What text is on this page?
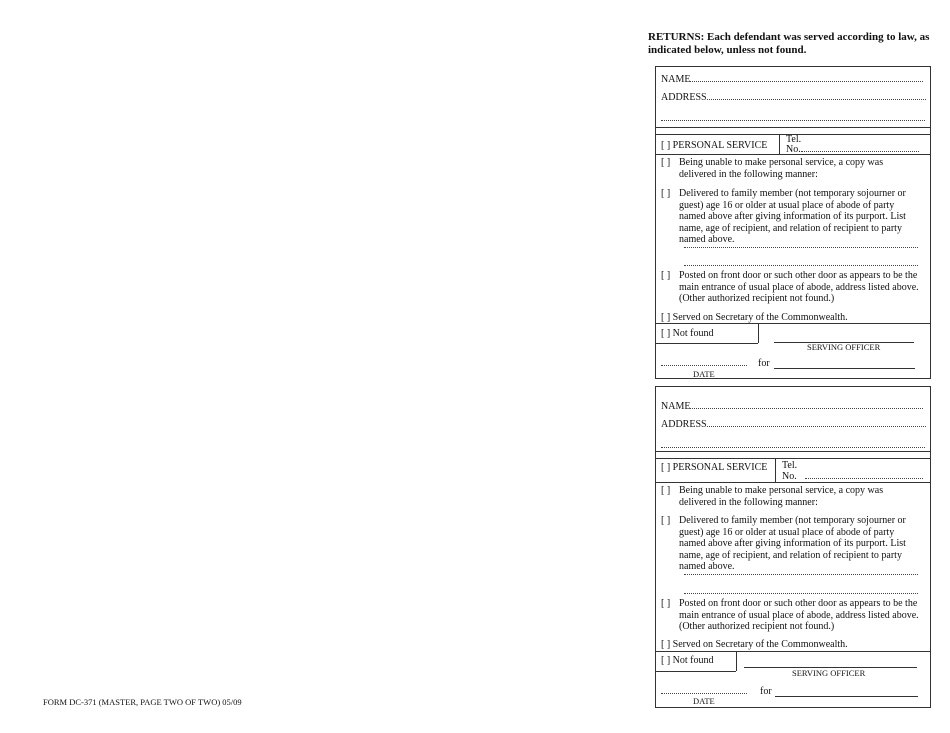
RETURNS: Each defendant was served according to law, as indicated below, unless not found.
NAME
ADDRESS
[ ] PERSONAL SERVICE
Tel.
No.
[ ] Being unable to make personal service, a copy was delivered in the following manner:
[ ] Delivered to family member (not temporary sojourner or guest) age 16 or older at usual place of abode of party named above after giving information of its purport. List name, age of recipient, and relation of recipient to party named above.
[ ] Posted on front door or such other door as appears to be the main entrance of usual place of abode, address listed above. (Other authorized recipient not found.)
[ ] Served on Secretary of the Commonwealth.
[ ] Not found
SERVING OFFICER
for
DATE
NAME
ADDRESS
[ ] PERSONAL SERVICE Tel.
No.
[ ] Being unable to make personal service, a copy was delivered in the following manner:
[ ] Delivered to family member (not temporary sojourner or guest) age 16 or older at usual place of abode of party named above after giving information of its purport. List name, age of recipient, and relation of recipient to party named above.
[ ] Posted on front door or such other door as appears to be the main entrance of usual place of abode, address listed above. (Other authorized recipient not found.)
[ ] Served on Secretary of the Commonwealth.
[ ] Not found
SERVING OFFICER
for
DATE
FORM DC-371 (MASTER, PAGE TWO OF TWO) 05/09
